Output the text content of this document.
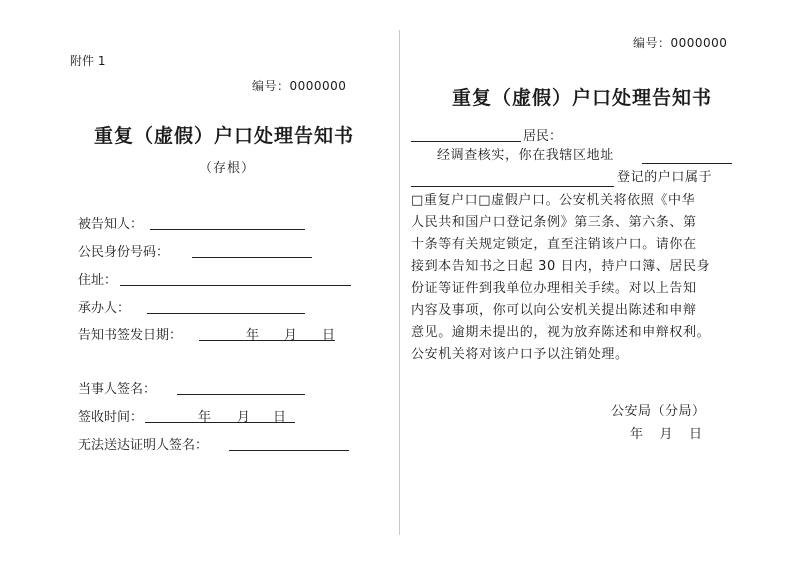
附件 1
编号：0000000
重复（虚假）户口处理告知书
（存根）
被告知人：
公民身份号码：
住址：
承办人：
告知书签发日期：	年 月 日
当事人签名：
签收时间：	年 月 日
无法送达证明人签名：
编号：0000000
重复（虚假）户口处理告知书
居民：
经调查核实，你在我辖区地址
登记的户口属于
□重复户口□虚假户口。公安机关将依照《中华
人民共和国户口登记条例》第三条、第六条、第
十条等有关规定锁定，直至注销该户口。请你在
接到本告知书之日起 30 日内，持户口簿、居民身
份证等证件到我单位办理相关手续。对以上告知
内容及事项，你可以向公安机关提出陈述和申辩
意见。逾期未提出的，视为放弃陈述和申辩权利。
公安机关将对该户口予以注销处理。
公安局（分局）
年    月    日
